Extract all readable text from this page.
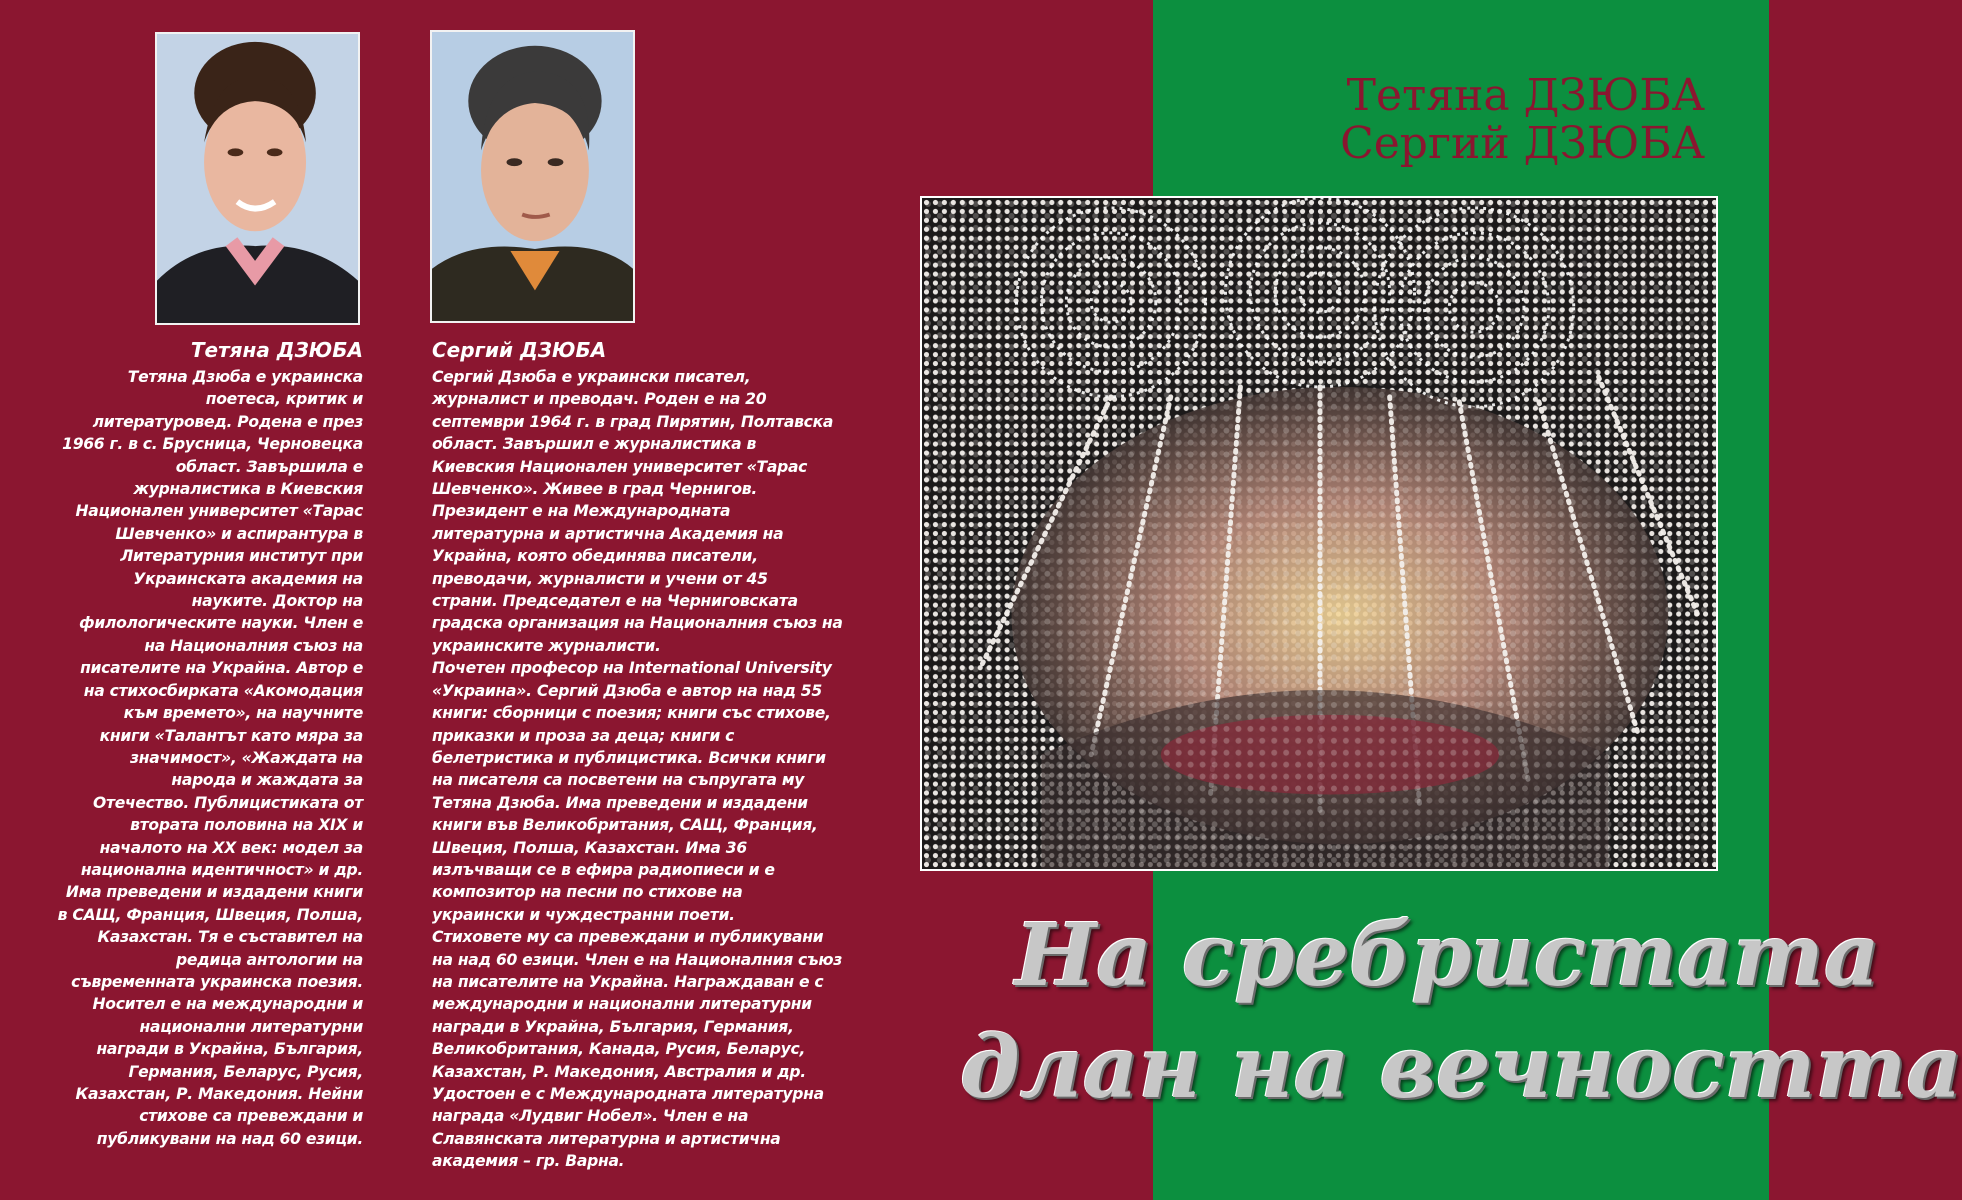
Тетяна ДЗЮБА	Сергий ДЗЮБА
Тетяна Дзюба е украинска
поетеса, критик и
литературовед. Родена е през
1966 г. в с. Брусница, Черновецка
област. Завършила е
журналистика в Киевския
Национален университет «Тарас
Шевченко» и аспирантура в
Литературния институт при
Украинската академия на
науките. Доктор на
филологическите науки. Член е
на Националния съюз на
писателите на Украйна. Автор е
на стихосбирката «Акомодация
към времето», на научните
книги «Талантът като мяра за
значимост», «Жаждата на
народа и жаждата за
Отечество. Публицистиката от
втората половина на XIX и
началото на XX век: модел за
национална идентичност» и др.
Има преведени и издадени книги
в САЩ, Франция, Швеция, Полша,
Казахстан. Тя е съставител на
редица антологии на
съвременната украинска поезия.
Носител е на международни и
национални литературни
награди в Украйна, България,
Германия, Беларус, Русия,
Казахстан, Р. Македония. Нейни
стихове са превеждани и
публикувани на над 60 езици.
Сергий Дзюба е украински писател,
журналист и преводач. Роден е на 20
септември 1964 г. в град Пирятин, Полтавска
област. Завършил е журналистика в
Киевския Национален университет «Тарас
Шевченко». Живее в град Чернигов.
Президент е на Международната
литературна и артистична Академия на
Украйна, която обединява писатели,
преводачи, журналисти и учени от 45
страни. Председател е на Черниговската
градска организация на Националния съюз на
украинските журналисти.
Почетен професор на International University
«Украина». Сергий Дзюба е автор на над 55
книги: сборници с поезия; книги със стихове,
приказки и проза за деца; книги с
белетристика и публицистика. Всички книги
на писателя са посветени на съпругата му
Тетяна Дзюба. Има преведени и издадени
книги във Великобритания, САЩ, Франция,
Швеция, Полша, Казахстан. Има 36
излъчващи се в ефира радиопиеси и е
композитор на песни по стихове на
украински и чуждестранни поети.
Стиховете му са превеждани и публикувани
на над 60 езици. Член е на Националния съюз
на писателите на Украйна. Награждаван е с
международни и национални литературни
награди в Украйна, България, Германия,
Великобритания, Канада, Русия, Беларус,
Казахстан, Р. Македония, Австралия и др.
Удостоен е с Международната литературна
награда «Лудвиг Нобел». Член е на
Славянската литературна и артистична
академия – гр. Варна.
Тетяна ДЗЮБА
Сергий ДЗЮБА
На сребристата
длан на вечността
